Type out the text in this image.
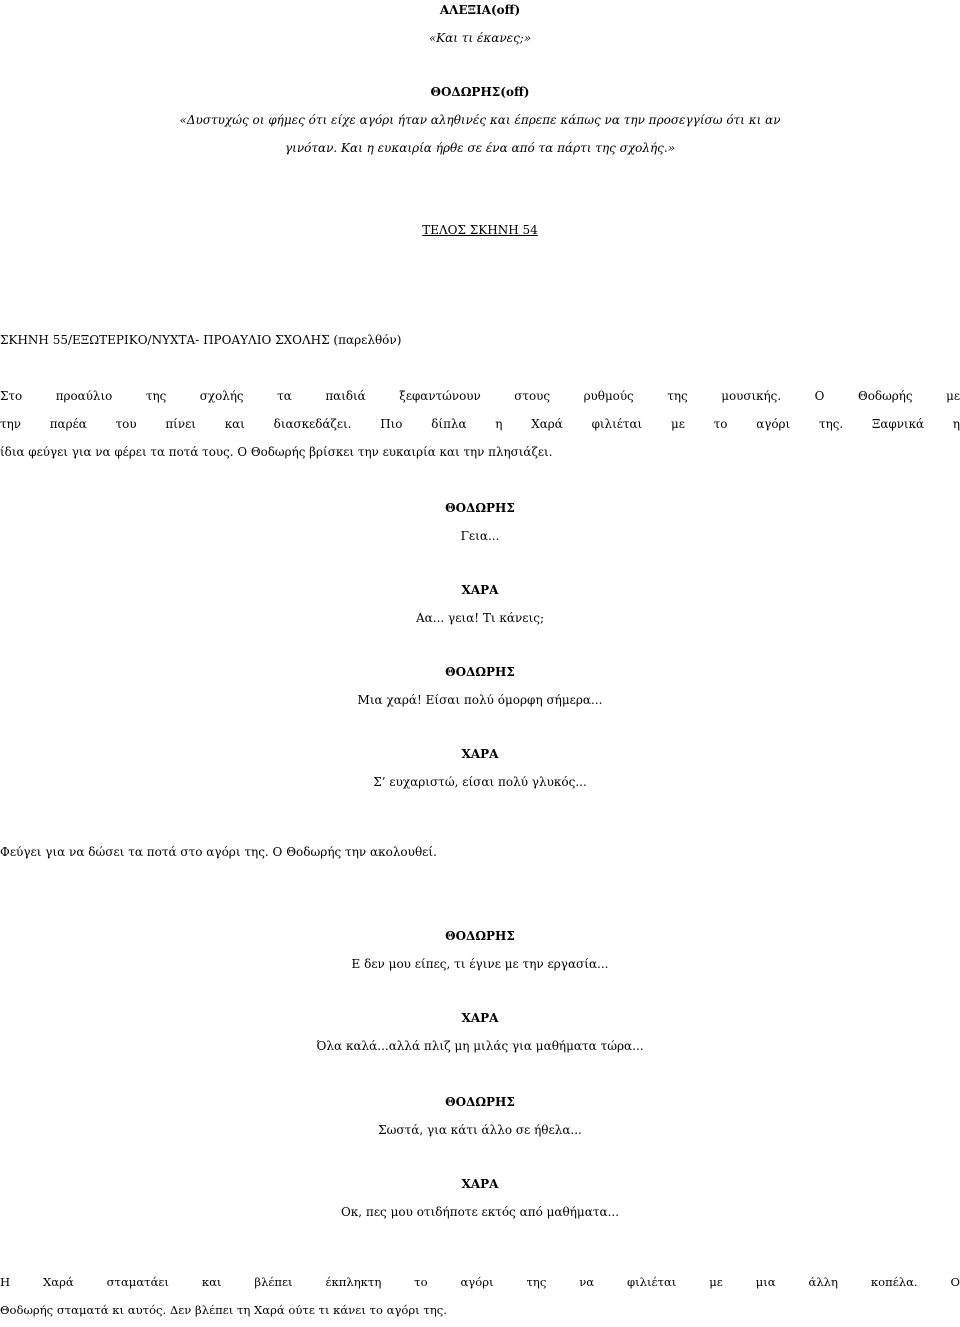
ΑΛΕΞΙΑ(off)
«Και τι έκανες;»
ΘΟΔΩΡΗΣ(off)
«Δυστυχώς οι φήμες ότι είχε αγόρι ήταν αληθινές και έπρεπε κάπως να την προσεγγίσω ότι κι αν
γινόταν. Και η ευκαιρία ήρθε σε ένα από τα πάρτι της σχολής.»
ΤΕΛΟΣ ΣΚΗΝΗ 54
ΣΚΗΝΗ 55/ΕΞΩΤΕΡΙΚΟ/ΝΥΧΤΑ- ΠΡΟΑΥΛΙΟ ΣΧΟΛΗΣ (παρελθόν)
Στο προαύλιο της σχολής τα παιδιά ξεφαντώνουν στους ρυθμούς της μουσικής. Ο Θοδωρής με
την παρέα του πίνει και διασκεδάζει. Πιο δίπλα η Χαρά φιλιέται με το αγόρι της. Ξαφνικά η
ίδια φεύγει για να φέρει τα ποτά τους. Ο Θοδωρής βρίσκει την ευκαιρία και την πλησιάζει.
ΘΟΔΩΡΗΣ
Γεια...
ΧΑΡΑ
Αα... γεια! Τι κάνεις;
ΘΟΔΩΡΗΣ
Μια χαρά! Είσαι πολύ όμορφη σήμερα...
ΧΑΡΑ
Σ’ ευχαριστώ, είσαι πολύ γλυκός...
Φεύγει για να δώσει τα ποτά στο αγόρι της. Ο Θοδωρής την ακολουθεί.
ΘΟΔΩΡΗΣ
Ε δεν μου είπες, τι έγινε με την εργασία...
ΧΑΡΑ
Όλα καλά...αλλά πλιζ μη μιλάς για μαθήματα τώρα...
ΘΟΔΩΡΗΣ
Σωστά, για κάτι άλλο σε ήθελα...
ΧΑΡΑ
Οκ, πες μου οτιδήποτε εκτός από μαθήματα...
Η Χαρά σταματάει και βλέπει έκπληκτη το αγόρι της να φιλιέται με μια άλλη κοπέλα. Ο
Θοδωρής σταματά κι αυτός. Δεν βλέπει τη Χαρά ούτε τι κάνει το αγόρι της.
